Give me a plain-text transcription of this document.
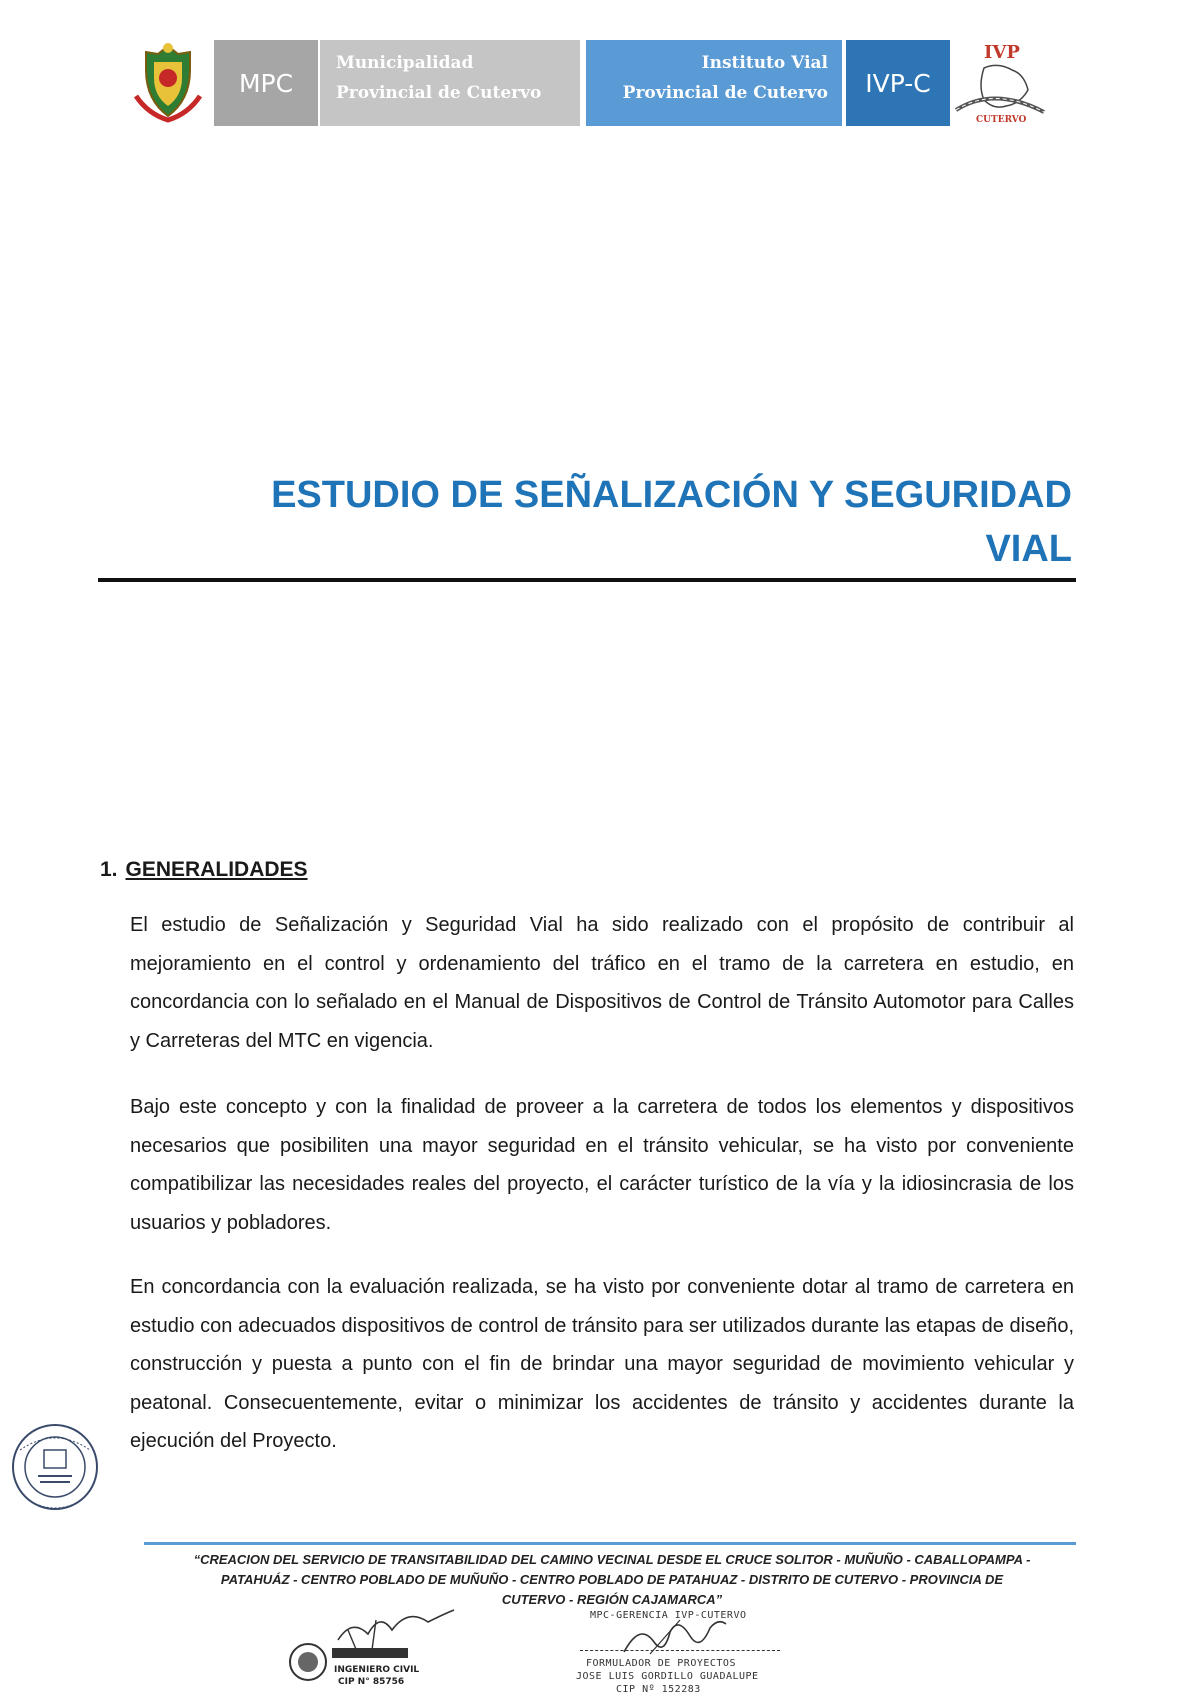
MPC
Municipalidad
Provincial de Cutervo
Instituto Vial
Provincial de Cutervo IVP-C
IVP
CUTERVO
ESTUDIO DE SEÑALIZACIÓN Y SEGURIDAD
VIAL
1. GENERALIDADES

El estudio de Señalización y Seguridad Vial ha sido realizado con el propósito de contribuir al mejoramiento en el control y ordenamiento del tráfico en el tramo de la carretera en estudio, en concordancia con lo señalado en el Manual de Dispositivos de Control de Tránsito Automotor para Calles y Carreteras del MTC en vigencia.

Bajo este concepto y con la finalidad de proveer a la carretera de todos los elementos y dispositivos necesarios que posibiliten una mayor seguridad en el tránsito vehicular, se ha visto por conveniente compatibilizar las necesidades reales del proyecto, el carácter turístico de la vía y la idiosincrasia de los usuarios y pobladores.

En concordancia con la evaluación realizada, se ha visto por conveniente dotar al tramo de carretera en estudio con adecuados dispositivos de control de tránsito para ser utilizados durante las etapas de diseño, construcción y puesta a punto con el fin de brindar una mayor seguridad de movimiento vehicular y peatonal. Consecuentemente, evitar o minimizar los accidentes de tránsito y accidentes durante la ejecución del Proyecto.

“CREACION DEL SERVICIO DE TRANSITABILIDAD DEL CAMINO VECINAL DESDE EL CRUCE SOLITOR - MUÑUÑO - CABALLOPAMPA -
PATAHUÁZ - CENTRO POBLADO DE MUÑUÑO - CENTRO POBLADO DE PATAHUAZ - DISTRITO DE CUTERVO - PROVINCIA DE
CUTERVO - REGIÓN CAJAMARCA”
INGENIERO CIVIL
CIP N° 85756
MPC-GERENCIA IVP-CUTERVO
FORMULADOR DE PROYECTOS
JOSE LUIS GORDILLO GUADALUPE
CIP Nº 152283
